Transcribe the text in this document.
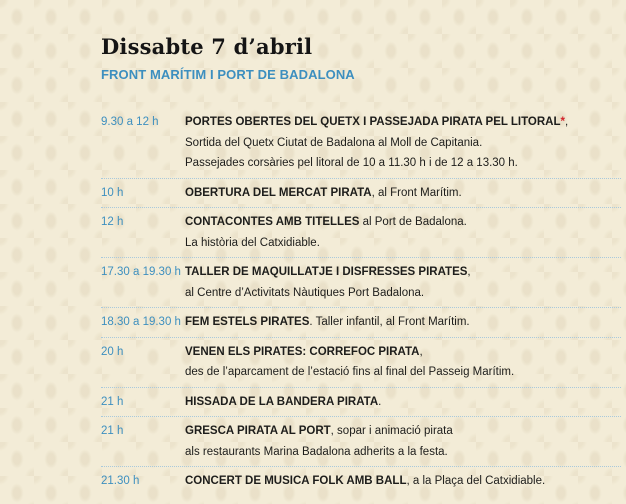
Dissabte 7 d’abril
FRONT MARÍTIM I PORT DE BADALONA
9.30 a 12 h PORTES OBERTES DEL QUETX I PASSEJADA PIRATA PEL LITORAL*,
Sortida del Quetx Ciutat de Badalona al Moll de Capitania.
Passejades corsàries pel litoral de 10 a 11.30 h i de 12 a 13.30 h.
10 h	OBERTURA DEL MERCAT PIRATA, al Front Marítim.
12 h	CONTACONTES AMB TITELLES al Port de Badalona.
La història del Catxidiable.
17.30 a 19.30 h TALLER DE MAQUILLATJE I DISFRESSES PIRATES,
al Centre d’Activitats Nàutiques Port Badalona.
18.30 a 19.30 h FEM ESTELS PIRATES. Taller infantil, al Front Marítim.
20 h	VENEN ELS PIRATES: CORREFOC PIRATA,
des de l’aparcament de l’estació fins al final del Passeig Marítim.
21 h	HISSADA DE LA BANDERA PIRATA.
21 h	GRESCA PIRATA AL PORT, sopar i animació pirata
als restaurants Marina Badalona adherits a la festa.
21.30 h	CONCERT DE MUSICA FOLK AMB BALL, a la Plaça del Catxidiable.
